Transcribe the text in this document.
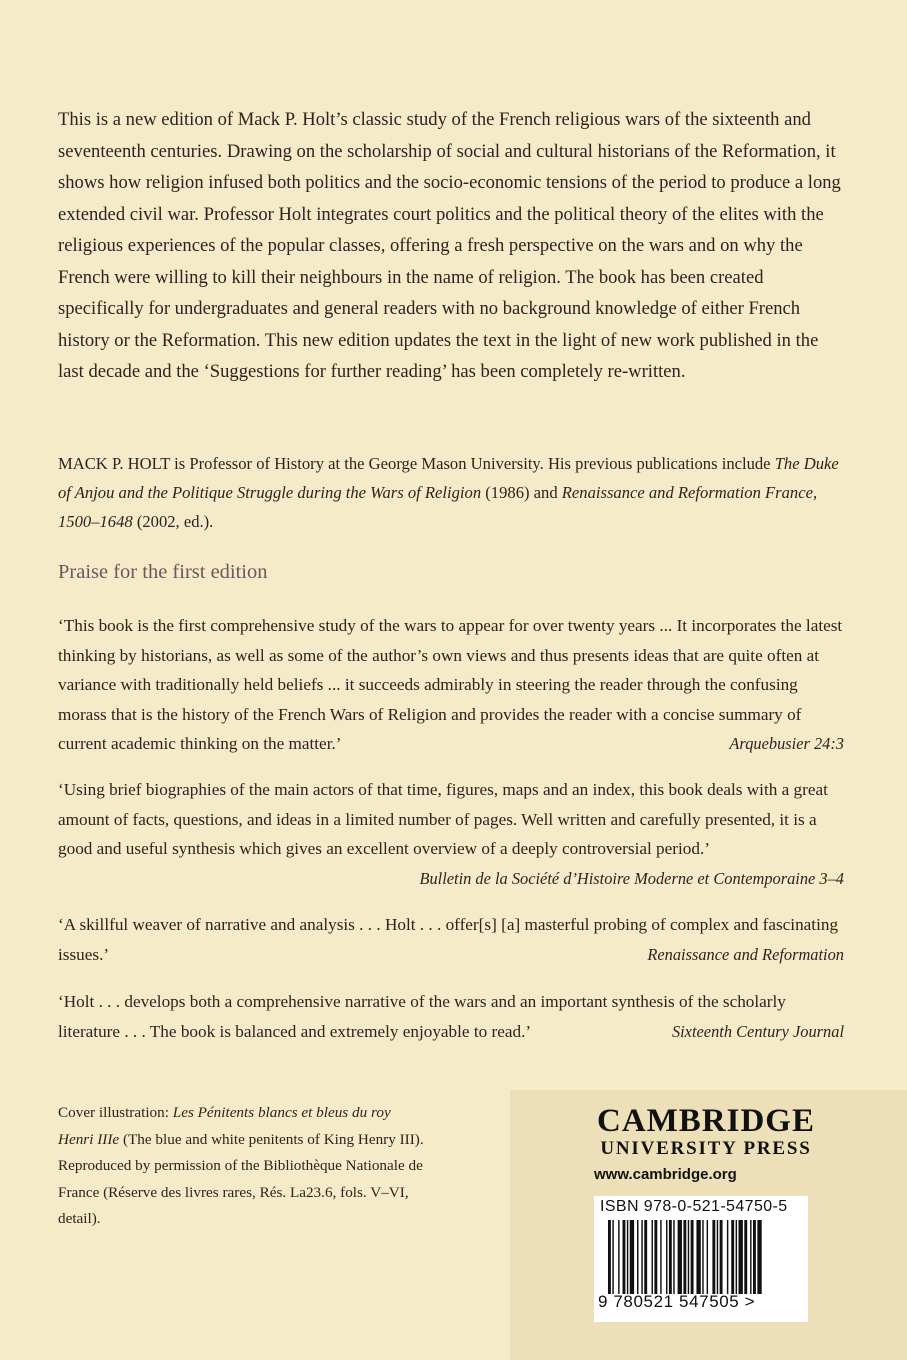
This is a new edition of Mack P. Holt’s classic study of the French religious wars of the sixteenth and seventeenth centuries. Drawing on the scholarship of social and cultural historians of the Reformation, it shows how religion infused both politics and the socio-economic tensions of the period to produce a long extended civil war. Professor Holt integrates court politics and the political theory of the elites with the religious experiences of the popular classes, offering a fresh perspective on the wars and on why the French were willing to kill their neighbours in the name of religion. The book has been created specifically for undergraduates and general readers with no background knowledge of either French history or the Reformation. This new edition updates the text in the light of new work published in the last decade and the ‘Suggestions for further reading’ has been completely re-written.

MACK P. HOLT is Professor of History at the George Mason University. His previous publications include The Duke of Anjou and the Politique Struggle during the Wars of Religion (1986) and Renaissance and Reformation France, 1500–1648 (2002, ed.).

Praise for the first edition

‘This book is the first comprehensive study of the wars to appear for over twenty years ... It incorporates the latest thinking by historians, as well as some of the author’s own views and thus presents ideas that are quite often at variance with traditionally held beliefs ... it succeeds admirably in steering the reader through the confusing morass that is the history of the French Wars of Religion and provides the reader with a concise summary of current academic thinking on the matter.’	Arquebusier 24:3

‘Using brief biographies of the main actors of that time, figures, maps and an index, this book deals with a great amount of facts, questions, and ideas in a limited number of pages. Well written and carefully presented, it is a good and useful synthesis which gives an excellent overview of a deeply controversial period.’
Bulletin de la Société d’Histoire Moderne et Contemporaine 3–4

‘A skillful weaver of narrative and analysis . . . Holt . . . offer[s] [a] masterful probing of complex and fascinating issues.’	Renaissance and Reformation

‘Holt . . . develops both a comprehensive narrative of the wars and an important synthesis of the scholarly literature . . . The book is balanced and extremely enjoyable to read.’	Sixteenth Century Journal

Cover illustration: Les Pénitents blancs et bleus du roy Henri IIIe (The blue and white penitents of King Henry III). Reproduced by permission of the Bibliothèque Nationale de France (Réserve des livres rares, Rés. La23.6, fols. V–VI, detail).

CAMBRIDGE
UNIVERSITY PRESS
www.cambridge.org
ISBN 978-0-521-54750-5
9 780521 547505 >
